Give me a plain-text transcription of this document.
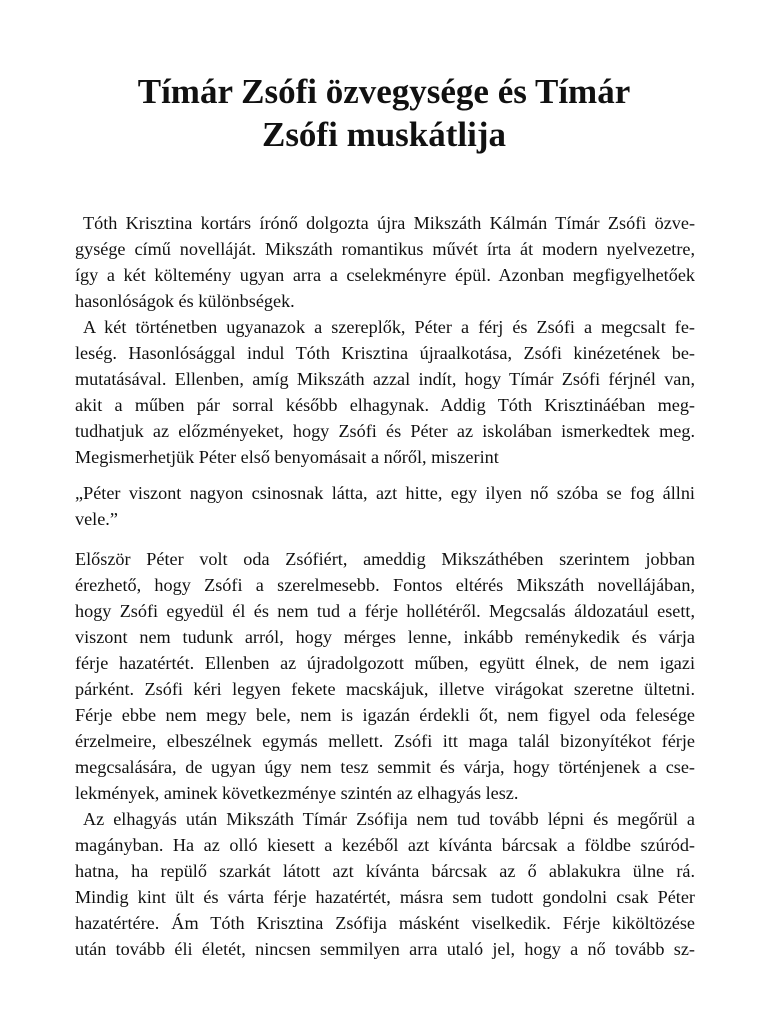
Tímár Zsófi özvegysége és Tímár
Zsófi muskátlija
Tóth Krisztina kortárs írónő dolgozta újra Mikszáth Kálmán Tímár Zsófi özve-
gysége című novelláját. Mikszáth romantikus művét írta át modern nyelvezetre,
így a két költemény ugyan arra a cselekményre épül. Azonban megfigyelhetőek
hasonlóságok és különbségek.
A két történetben ugyanazok a szereplők, Péter a férj és Zsófi a megcsalt fe-
leség. Hasonlósággal indul Tóth Krisztina újraalkotása, Zsófi kinézetének be-
mutatásával. Ellenben, amíg Mikszáth azzal indít, hogy Tímár Zsófi férjnél van,
akit a műben pár sorral később elhagynak. Addig Tóth Krisztináéban meg-
tudhatjuk az előzményeket, hogy Zsófi és Péter az iskolában ismerkedtek meg.
Megismerhetjük Péter első benyomásait a nőről, miszerint
„Péter viszont nagyon csinosnak látta, azt hitte, egy ilyen nő szóba se fog állni
vele.”
Először Péter volt oda Zsófiért, ameddig Mikszáthében szerintem jobban
érezhető, hogy Zsófi a szerelmesebb. Fontos eltérés Mikszáth novellájában,
hogy Zsófi egyedül él és nem tud a férje hollétéről. Megcsalás áldozatául esett,
viszont nem tudunk arról, hogy mérges lenne, inkább reménykedik és várja
férje hazatértét. Ellenben az újradolgozott műben, együtt élnek, de nem igazi
párként. Zsófi kéri legyen fekete macskájuk, illetve virágokat szeretne ültetni.
Férje ebbe nem megy bele, nem is igazán érdekli őt, nem figyel oda felesége
érzelmeire, elbeszélnek egymás mellett. Zsófi itt maga talál bizonyítékot férje
megcsalására, de ugyan úgy nem tesz semmit és várja, hogy történjenek a cse-
lekmények, aminek következménye szintén az elhagyás lesz.
Az elhagyás után Mikszáth Tímár Zsófija nem tud tovább lépni és megőrül a
magányban. Ha az olló kiesett a kezéből azt kívánta bárcsak a földbe szúród-
hatna, ha repülő szarkát látott azt kívánta bárcsak az ő ablakukra ülne rá.
Mindig kint ült és várta férje hazatértét, másra sem tudott gondolni csak Péter
hazatértére. Ám Tóth Krisztina Zsófija másként viselkedik. Férje kiköltözése
után tovább éli életét, nincsen semmilyen arra utaló jel, hogy a nő tovább sz-
